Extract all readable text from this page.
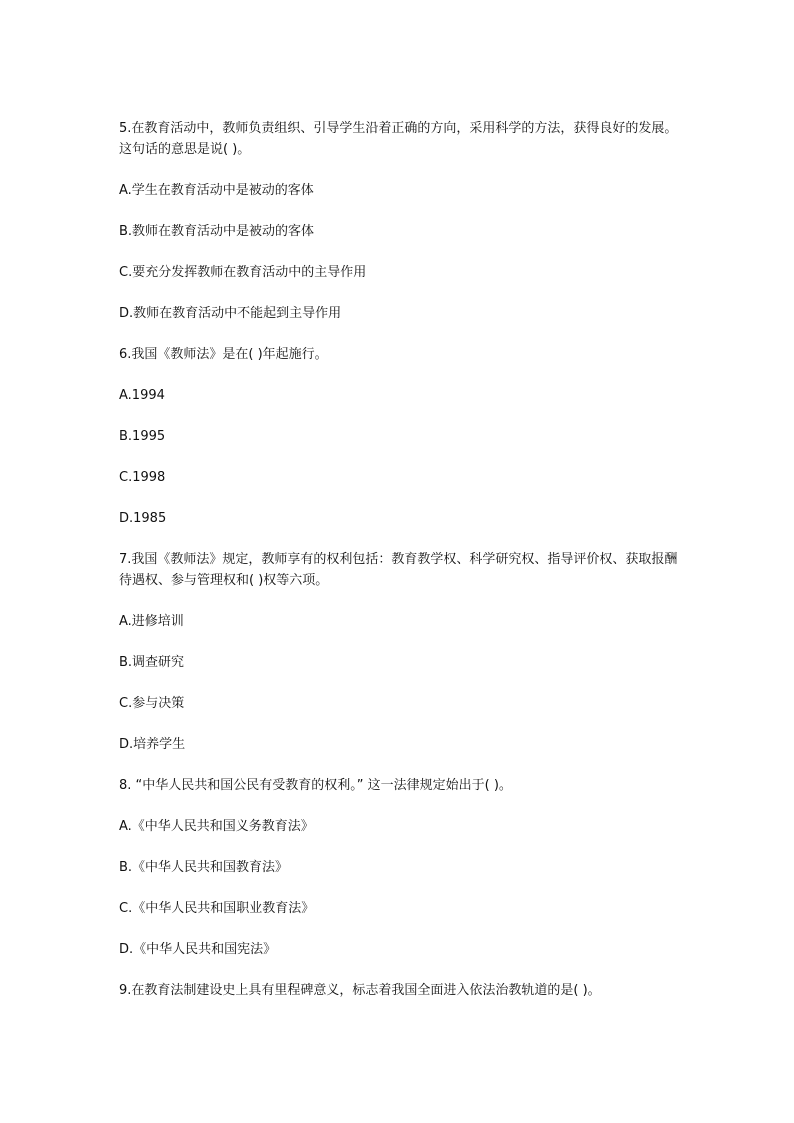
5.在教育活动中，教师负责组织、引导学生沿着正确的方向，采用科学的方法，获得良好的发展。这句话的意思是说( )。

A.学生在教育活动中是被动的客体

B.教师在教育活动中是被动的客体

C.要充分发挥教师在教育活动中的主导作用

D.教师在教育活动中不能起到主导作用

6.我国《教师法》是在( )年起施行。

A.1994

B.1995

C.1998

D.1985

7.我国《教师法》规定，教师享有的权利包括：教育教学权、科学研究权、指导评价权、获取报酬待遇权、参与管理权和( )权等六项。

A.进修培训

B.调查研究

C.参与决策

D.培养学生

8. “中华人民共和国公民有受教育的权利。” 这一法律规定始出于( )。

A.《中华人民共和国义务教育法》

B.《中华人民共和国教育法》

C.《中华人民共和国职业教育法》

D.《中华人民共和国宪法》

9.在教育法制建设史上具有里程碑意义，标志着我国全面进入依法治教轨道的是( )。
